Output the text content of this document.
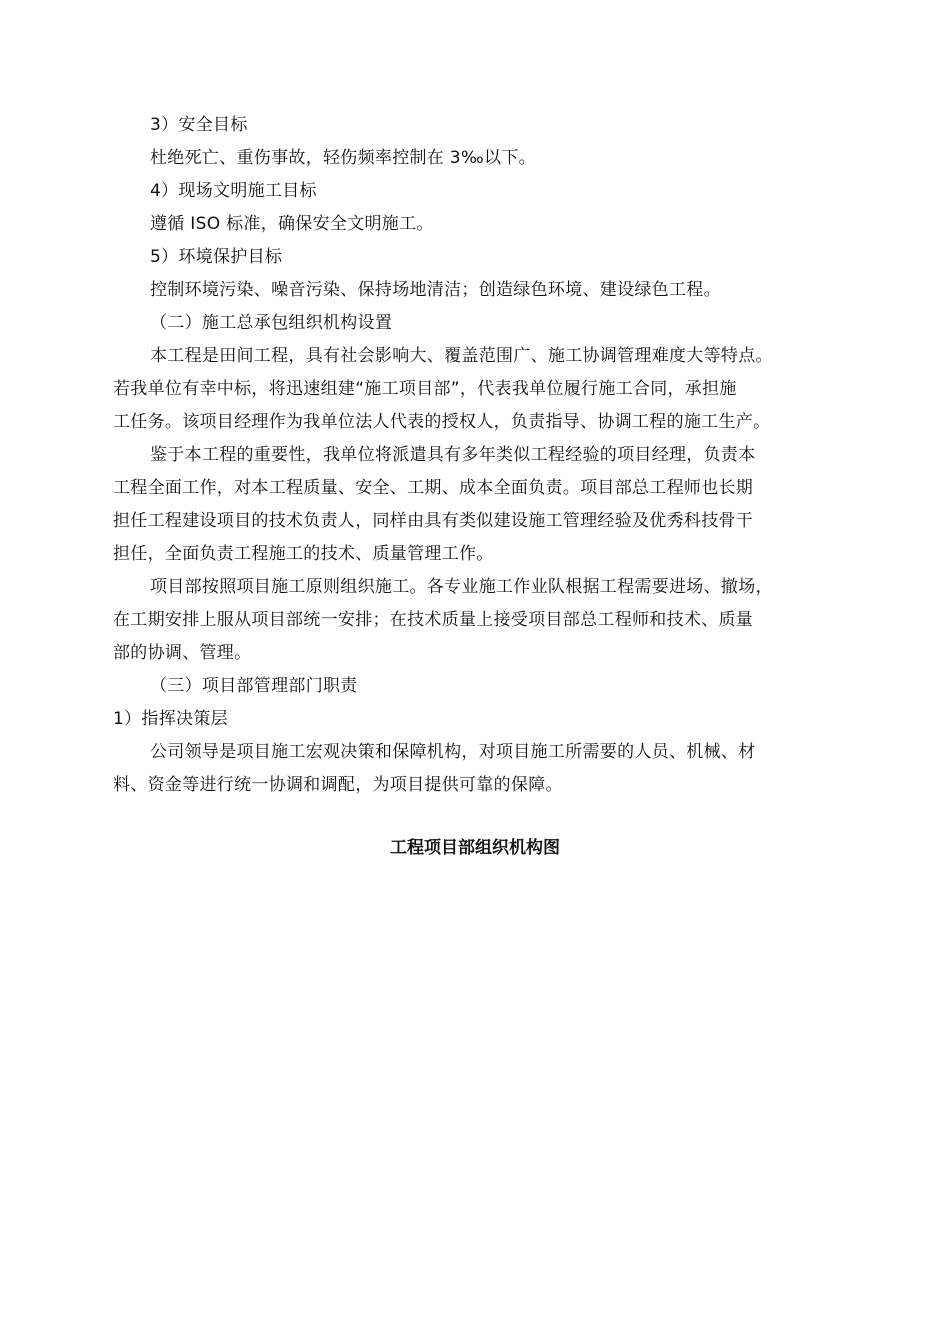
3）安全目标
杜绝死亡、重伤事故，轻伤频率控制在 3‰以下。
4）现场文明施工目标
遵循 ISO 标准，确保安全文明施工。
5）环境保护目标
控制环境污染、噪音污染、保持场地清洁；创造绿色环境、建设绿色工程。
（二）施工总承包组织机构设置
本工程是田间工程，具有社会影响大、覆盖范围广、施工协调管理难度大等特点。
若我单位有幸中标，将迅速组建“施工项目部”，代表我单位履行施工合同，承担施
工任务。该项目经理作为我单位法人代表的授权人，负责指导、协调工程的施工生产。
鉴于本工程的重要性，我单位将派遣具有多年类似工程经验的项目经理，负责本
工程全面工作，对本工程质量、安全、工期、成本全面负责。项目部总工程师也长期
担任工程建设项目的技术负责人，同样由具有类似建设施工管理经验及优秀科技骨干
担任，全面负责工程施工的技术、质量管理工作。
项目部按照项目施工原则组织施工。各专业施工作业队根据工程需要进场、撤场，
在工期安排上服从项目部统一安排；在技术质量上接受项目部总工程师和技术、质量
部的协调、管理。
（三）项目部管理部门职责
1）指挥决策层
公司领导是项目施工宏观决策和保障机构，对项目施工所需要的人员、机械、材
料、资金等进行统一协调和调配，为项目提供可靠的保障。
工程项目部组织机构图
